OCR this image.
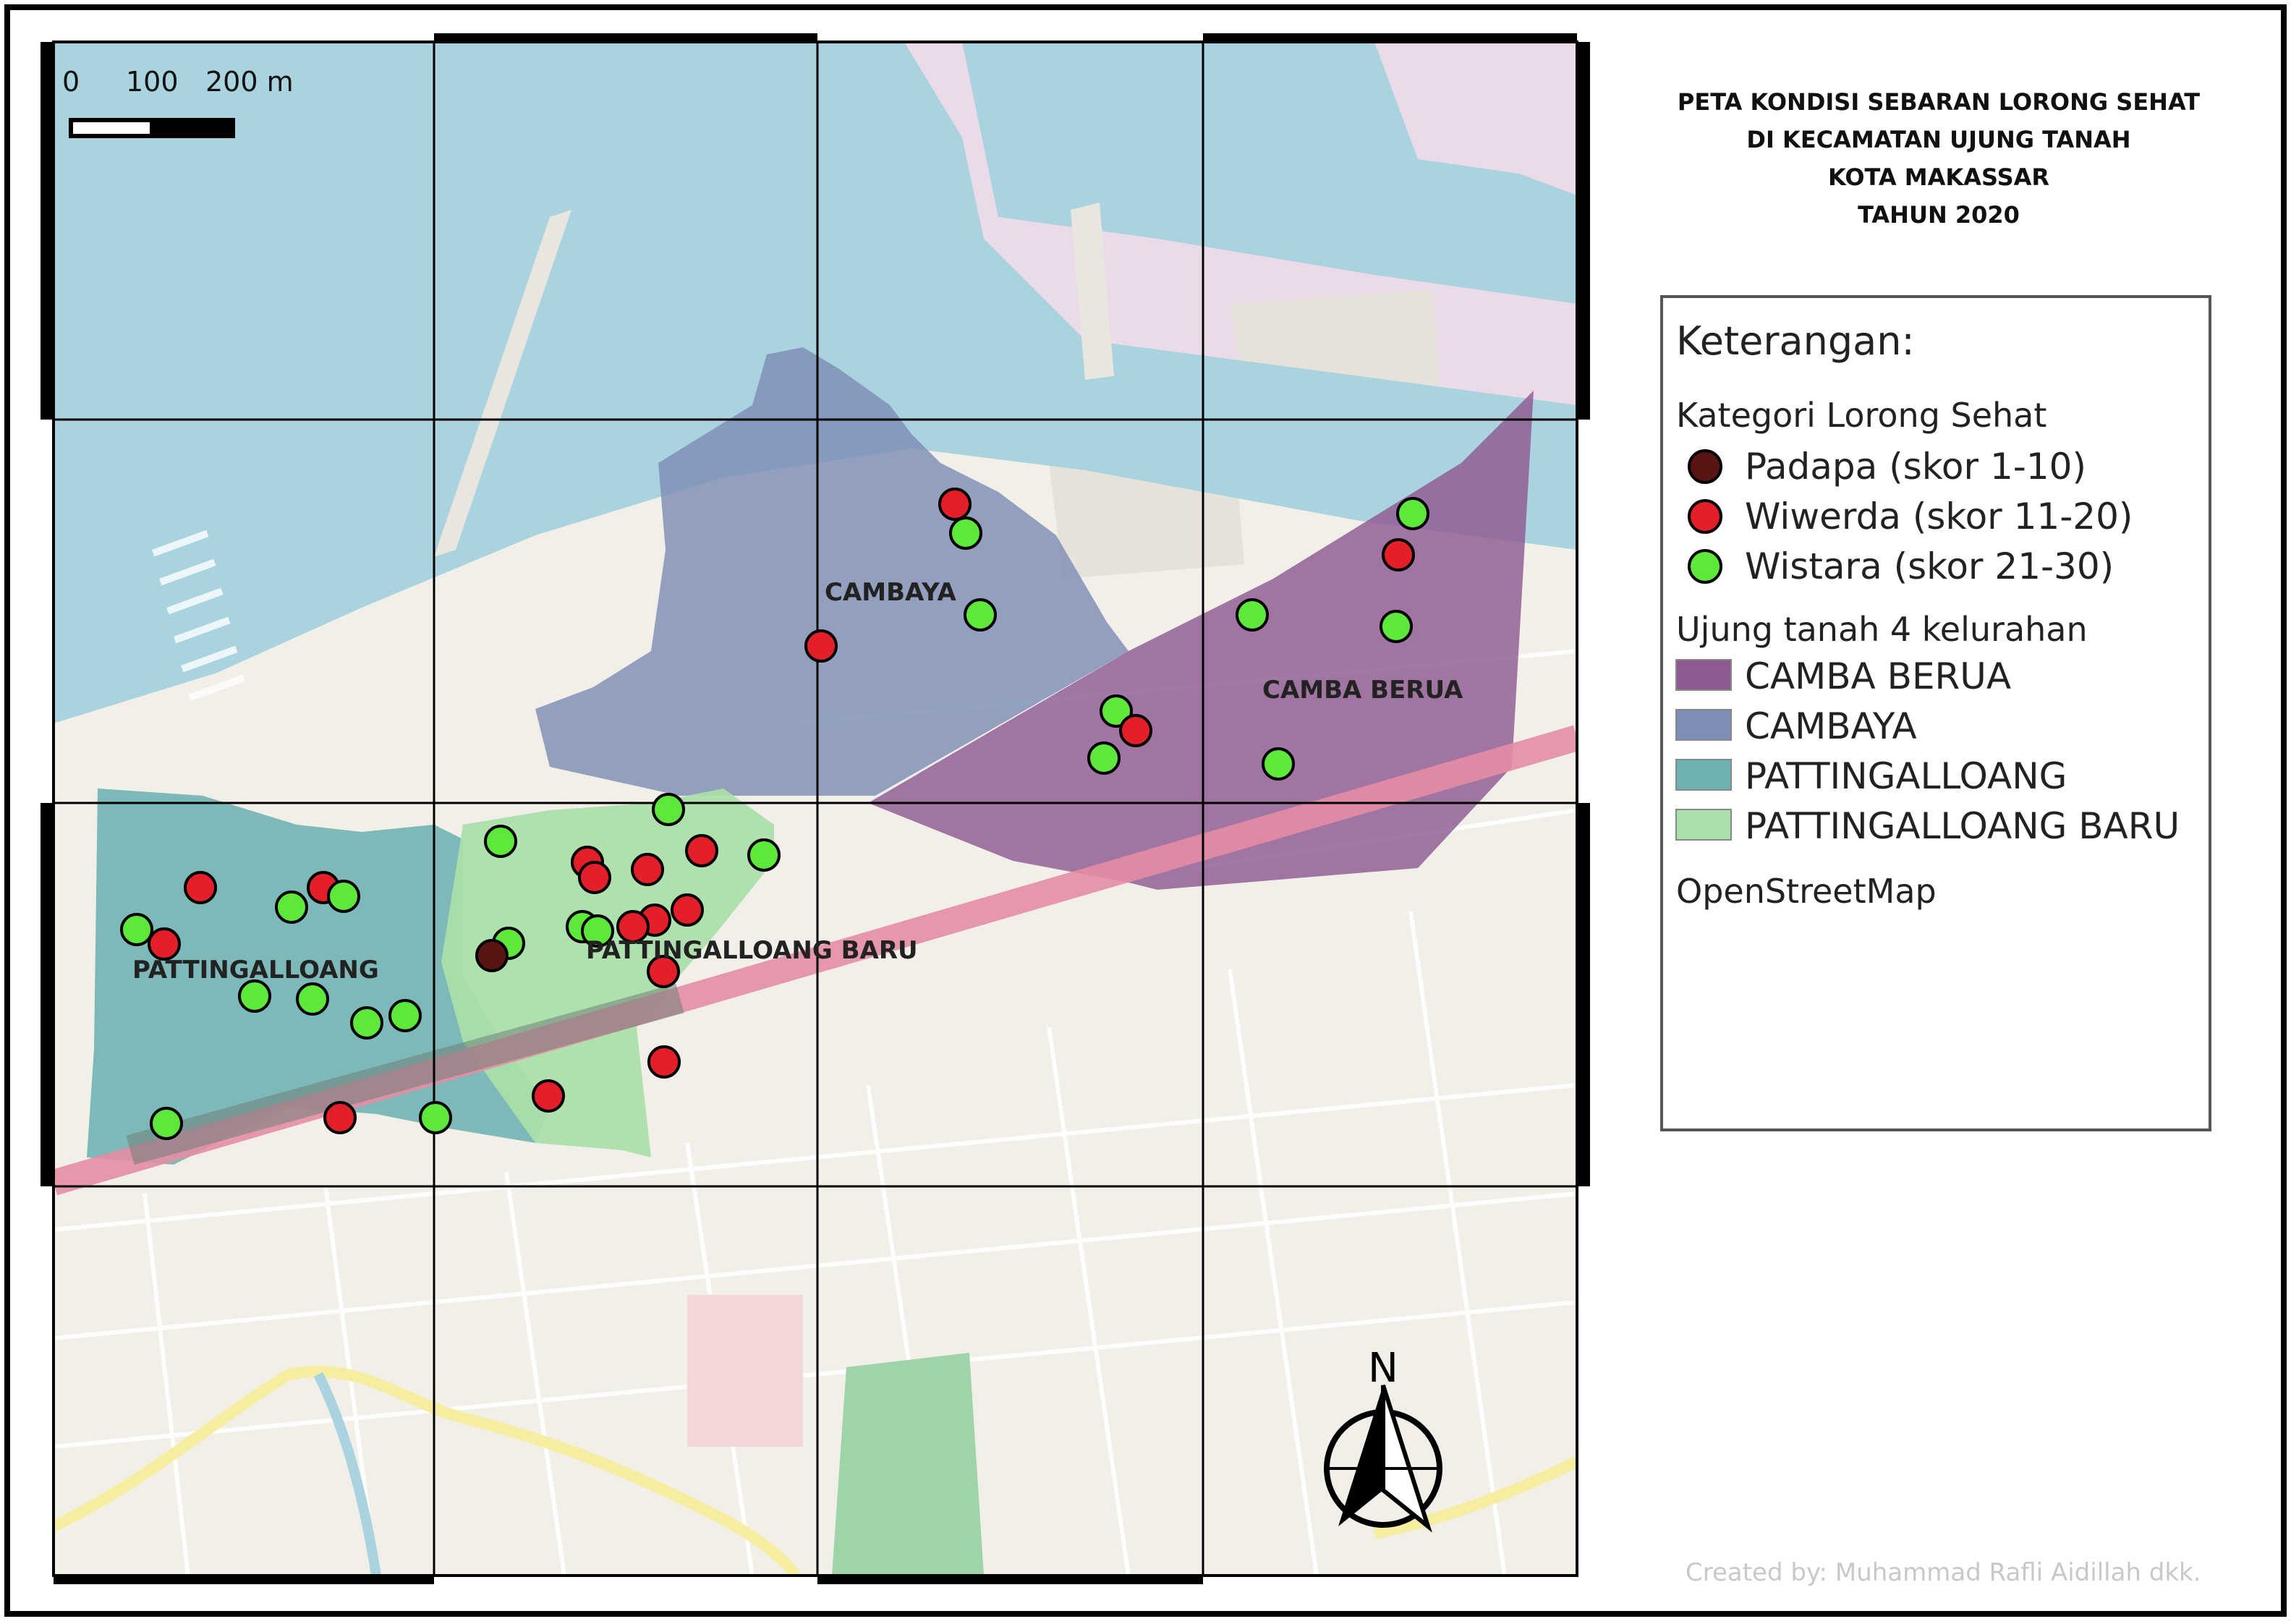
CAMBAYA
CAMBA BERUA
PATTINGALLOANG
PATTINGALLOANG BARU
0 100 200 m
N
PETA KONDISI SEBARAN LORONG SEHAT
DI KECAMATAN UJUNG TANAH
KOTA MAKASSAR
TAHUN 2020
Keterangan:
Kategori Lorong Sehat
Padapa (skor 1-10)
Wiwerda (skor 11-20)
Wistara (skor 21-30)
Ujung tanah 4 kelurahan
CAMBA BERUA
CAMBAYA
PATTINGALLOANG
PATTINGALLOANG BARU
OpenStreetMap
Created by: Muhammad Rafli Aidillah dkk.
